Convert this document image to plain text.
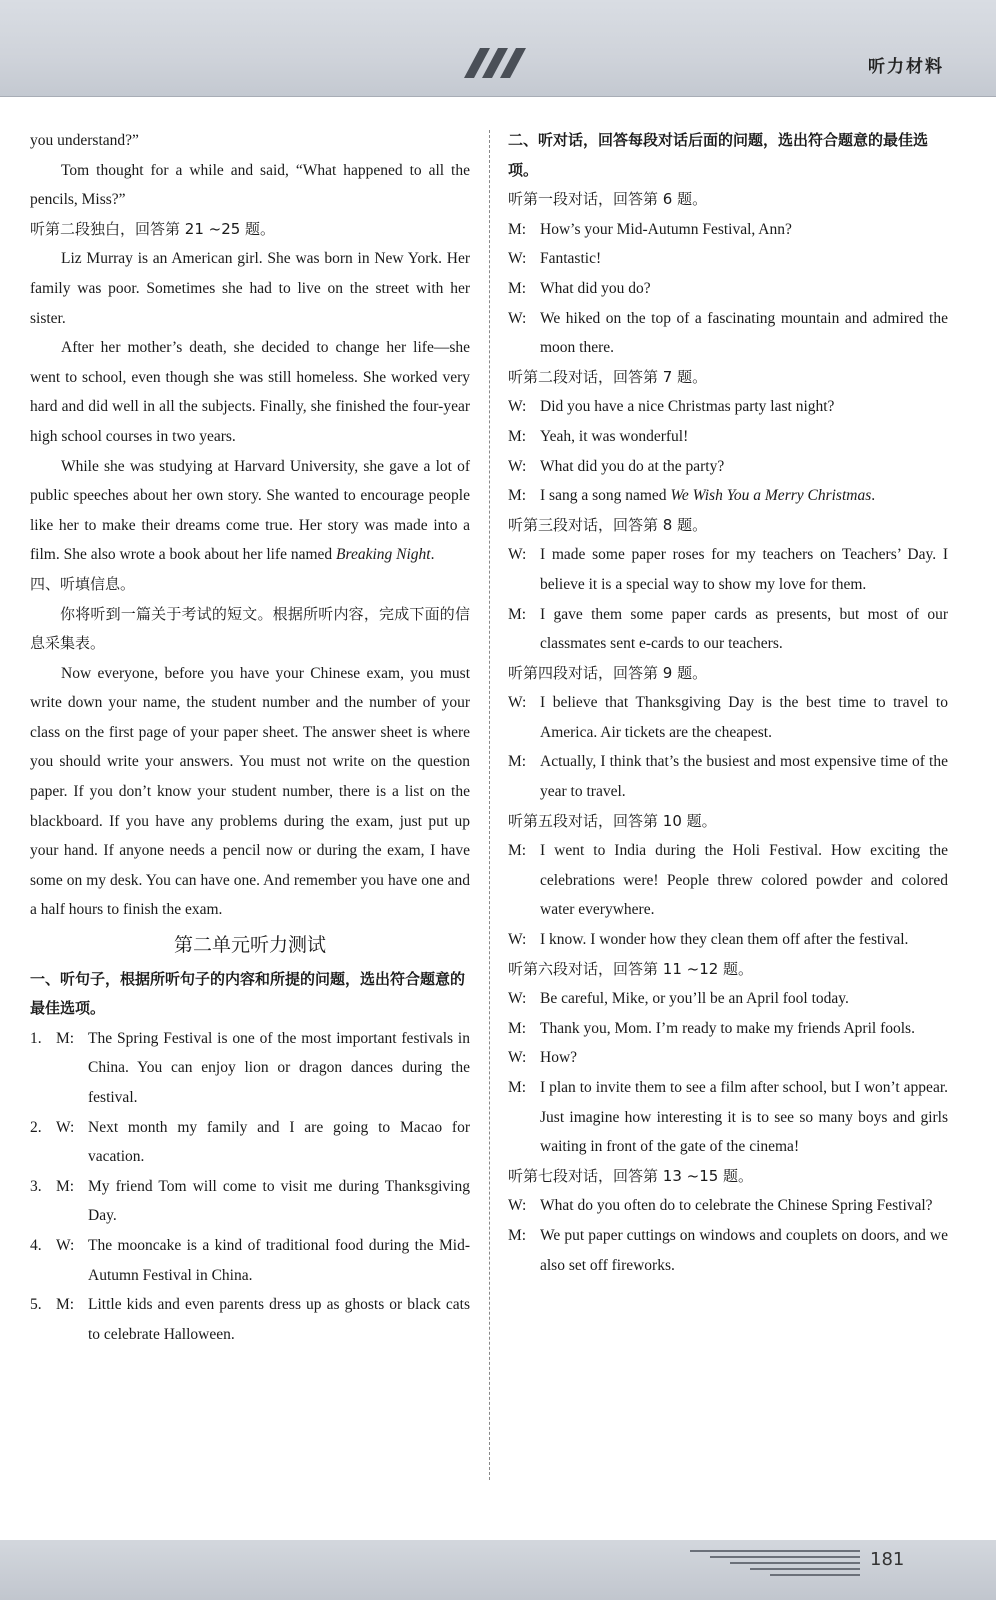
听力材料

you understand?”

Tom thought for a while and said, “What happened to all the pencils, Miss?”

听第二段独白，回答第 21 ~25 题。

Liz Murray is an American girl. She was born in New York. Her family was poor. Sometimes she had to live on the street with her sister.

After her mother’s death, she decided to change her life—she went to school, even though she was still homeless. She worked very hard and did well in all the subjects. Finally, she finished the four-year high school courses in two years.

While she was studying at Harvard University, she gave a lot of public speeches about her own story. She wanted to encourage people like her to make their dreams come true. Her story was made into a film. She also wrote a book about her life named Breaking Night.

四、听填信息。

你将听到一篇关于考试的短文。根据所听内容，完成下面的信息采集表。

Now everyone, before you have your Chinese exam, you must write down your name, the student number and the number of your class on the first page of your paper sheet. The answer sheet is where you should write your answers. You must not write on the question paper. If you don’t know your student number, there is a list on the blackboard. If you have any problems during the exam, just put up your hand. If anyone needs a pencil now or during the exam, I have some on my desk. You can have one. And remember you have one and a half hours to finish the exam.

第二单元听力测试

一、听句子，根据所听句子的内容和所提的问题，选出符合题意的最佳选项。

1. M: The Spring Festival is one of the most important festivals in China. You can enjoy lion or dragon dances during the festival.
2. W: Next month my family and I are going to Macao for vacation.
3. M: My friend Tom will come to visit me during Thanksgiving Day.
4. W: The mooncake is a kind of traditional food during the Mid-Autumn Festival in China.
5. M: Little kids and even parents dress up as ghosts or black cats to celebrate Halloween.

二、听对话，回答每段对话后面的问题，选出符合题意的最佳选项。

听第一段对话，回答第 6 题。

M: How’s your Mid-Autumn Festival, Ann?
W: Fantastic!
M: What did you do?
W: We hiked on the top of a fascinating mountain and admired the moon there.

听第二段对话，回答第 7 题。

W: Did you have a nice Christmas party last night?
M: Yeah, it was wonderful!
W: What did you do at the party?
M: I sang a song named We Wish You a Merry Christmas.

听第三段对话，回答第 8 题。

W: I made some paper roses for my teachers on Teachers’ Day. I believe it is a special way to show my love for them.
M: I gave them some paper cards as presents, but most of our classmates sent e-cards to our teachers.

听第四段对话，回答第 9 题。

W: I believe that Thanksgiving Day is the best time to travel to America. Air tickets are the cheapest.
M: Actually, I think that’s the busiest and most expensive time of the year to travel.

听第五段对话，回答第 10 题。

M: I went to India during the Holi Festival. How exciting the celebrations were! People threw colored powder and colored water everywhere.
W: I know. I wonder how they clean them off after the festival.

听第六段对话，回答第 11 ~12 题。

W: Be careful, Mike, or you’ll be an April fool today.
M: Thank you, Mom. I’m ready to make my friends April fools.
W: How?
M: I plan to invite them to see a film after school, but I won’t appear. Just imagine how interesting it is to see so many boys and girls waiting in front of the gate of the cinema!

听第七段对话，回答第 13 ~15 题。

W: What do you often do to celebrate the Chinese Spring Festival?
M: We put paper cuttings on windows and couplets on doors, and we also set off fireworks.
181
